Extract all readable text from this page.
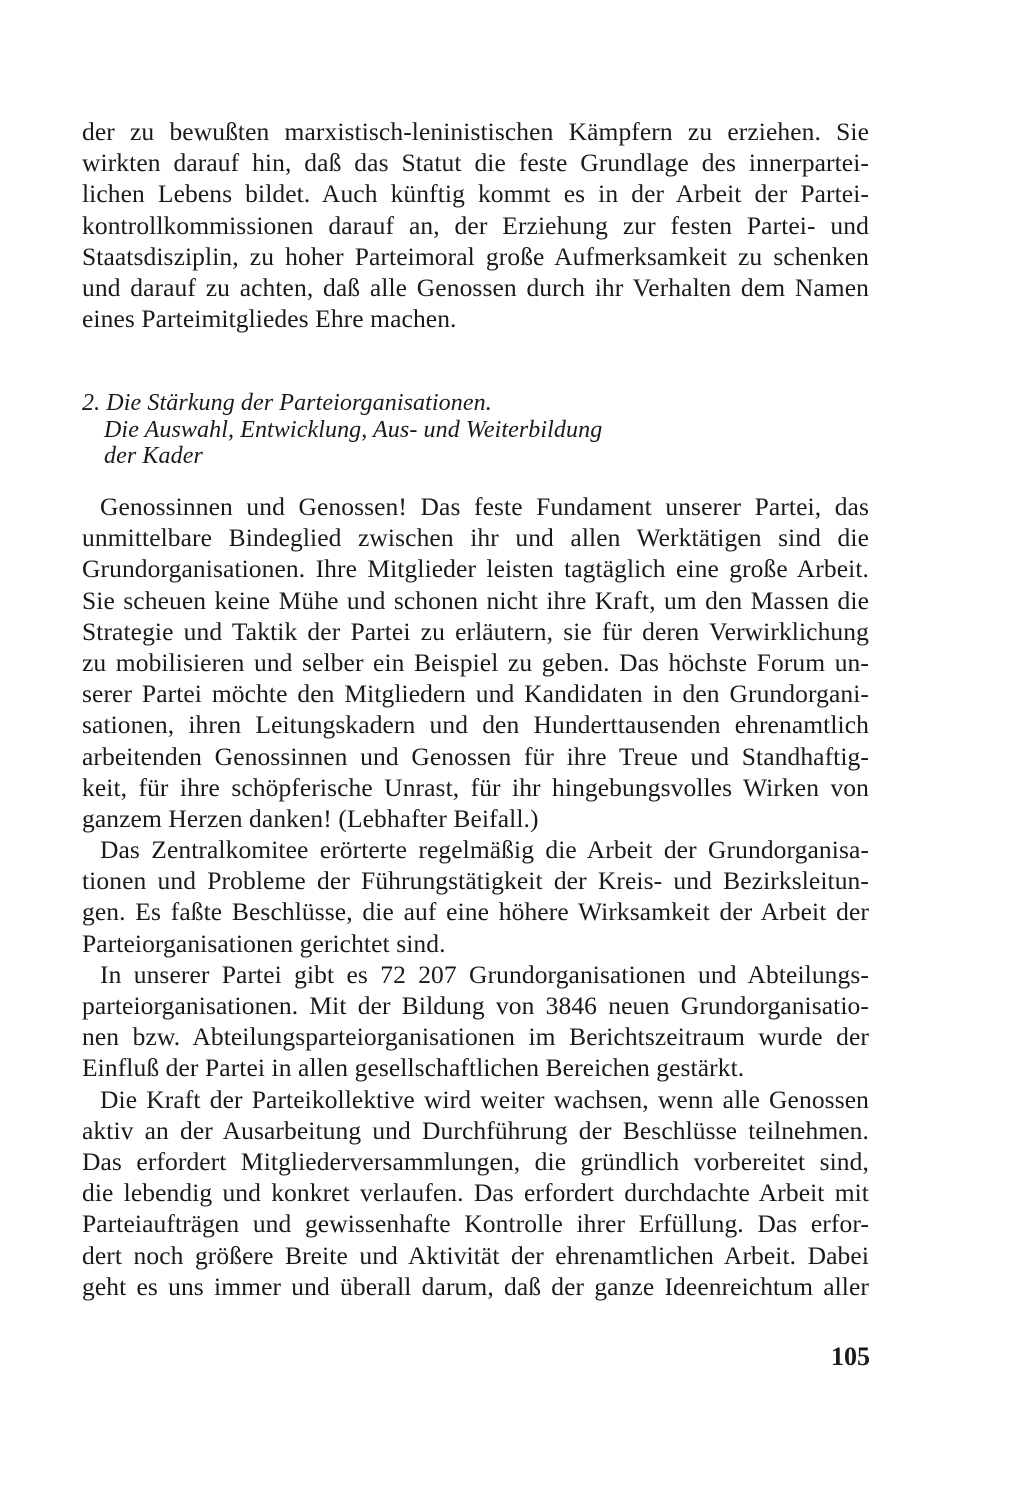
der zu bewußten marxistisch-leninistischen Kämpfern zu erziehen. Sie
wirkten darauf hin, daß das Statut die feste Grundlage des innerpartei-
lichen Lebens bildet. Auch künftig kommt es in der Arbeit der Partei-
kontrollkommissionen darauf an, der Erziehung zur festen Partei- und
Staatsdisziplin, zu hoher Parteimoral große Aufmerksamkeit zu schenken
und darauf zu achten, daß alle Genossen durch ihr Verhalten dem Namen
eines Parteimitgliedes Ehre machen.
2. Die Stärkung der Parteiorganisationen.
Die Auswahl, Entwicklung, Aus- und Weiterbildung
der Kader
Genossinnen und Genossen! Das feste Fundament unserer Partei, das
unmittelbare Bindeglied zwischen ihr und allen Werktätigen sind die
Grundorganisationen. Ihre Mitglieder leisten tagtäglich eine große Arbeit.
Sie scheuen keine Mühe und schonen nicht ihre Kraft, um den Massen die
Strategie und Taktik der Partei zu erläutern, sie für deren Verwirklichung
zu mobilisieren und selber ein Beispiel zu geben. Das höchste Forum un-
serer Partei möchte den Mitgliedern und Kandidaten in den Grundorgani-
sationen, ihren Leitungskadern und den Hunderttausenden ehrenamtlich
arbeitenden Genossinnen und Genossen für ihre Treue und Standhaftig-
keit, für ihre schöpferische Unrast, für ihr hingebungsvolles Wirken von
ganzem Herzen danken! (Lebhafter Beifall.)
Das Zentralkomitee erörterte regelmäßig die Arbeit der Grundorganisa-
tionen und Probleme der Führungstätigkeit der Kreis- und Bezirksleitun-
gen. Es faßte Beschlüsse, die auf eine höhere Wirksamkeit der Arbeit der
Parteiorganisationen gerichtet sind.
In unserer Partei gibt es 72 207 Grundorganisationen und Abteilungs-
parteiorganisationen. Mit der Bildung von 3846 neuen Grundorganisatio-
nen bzw. Abteilungsparteiorganisationen im Berichtszeitraum wurde der
Einfluß der Partei in allen gesellschaftlichen Bereichen gestärkt.
Die Kraft der Parteikollektive wird weiter wachsen, wenn alle Genossen
aktiv an der Ausarbeitung und Durchführung der Beschlüsse teilnehmen.
Das erfordert Mitgliederversammlungen, die gründlich vorbereitet sind,
die lebendig und konkret verlaufen. Das erfordert durchdachte Arbeit mit
Parteiaufträgen und gewissenhafte Kontrolle ihrer Erfüllung. Das erfor-
dert noch größere Breite und Aktivität der ehrenamtlichen Arbeit. Dabei
geht es uns immer und überall darum, daß der ganze Ideenreichtum aller
105
